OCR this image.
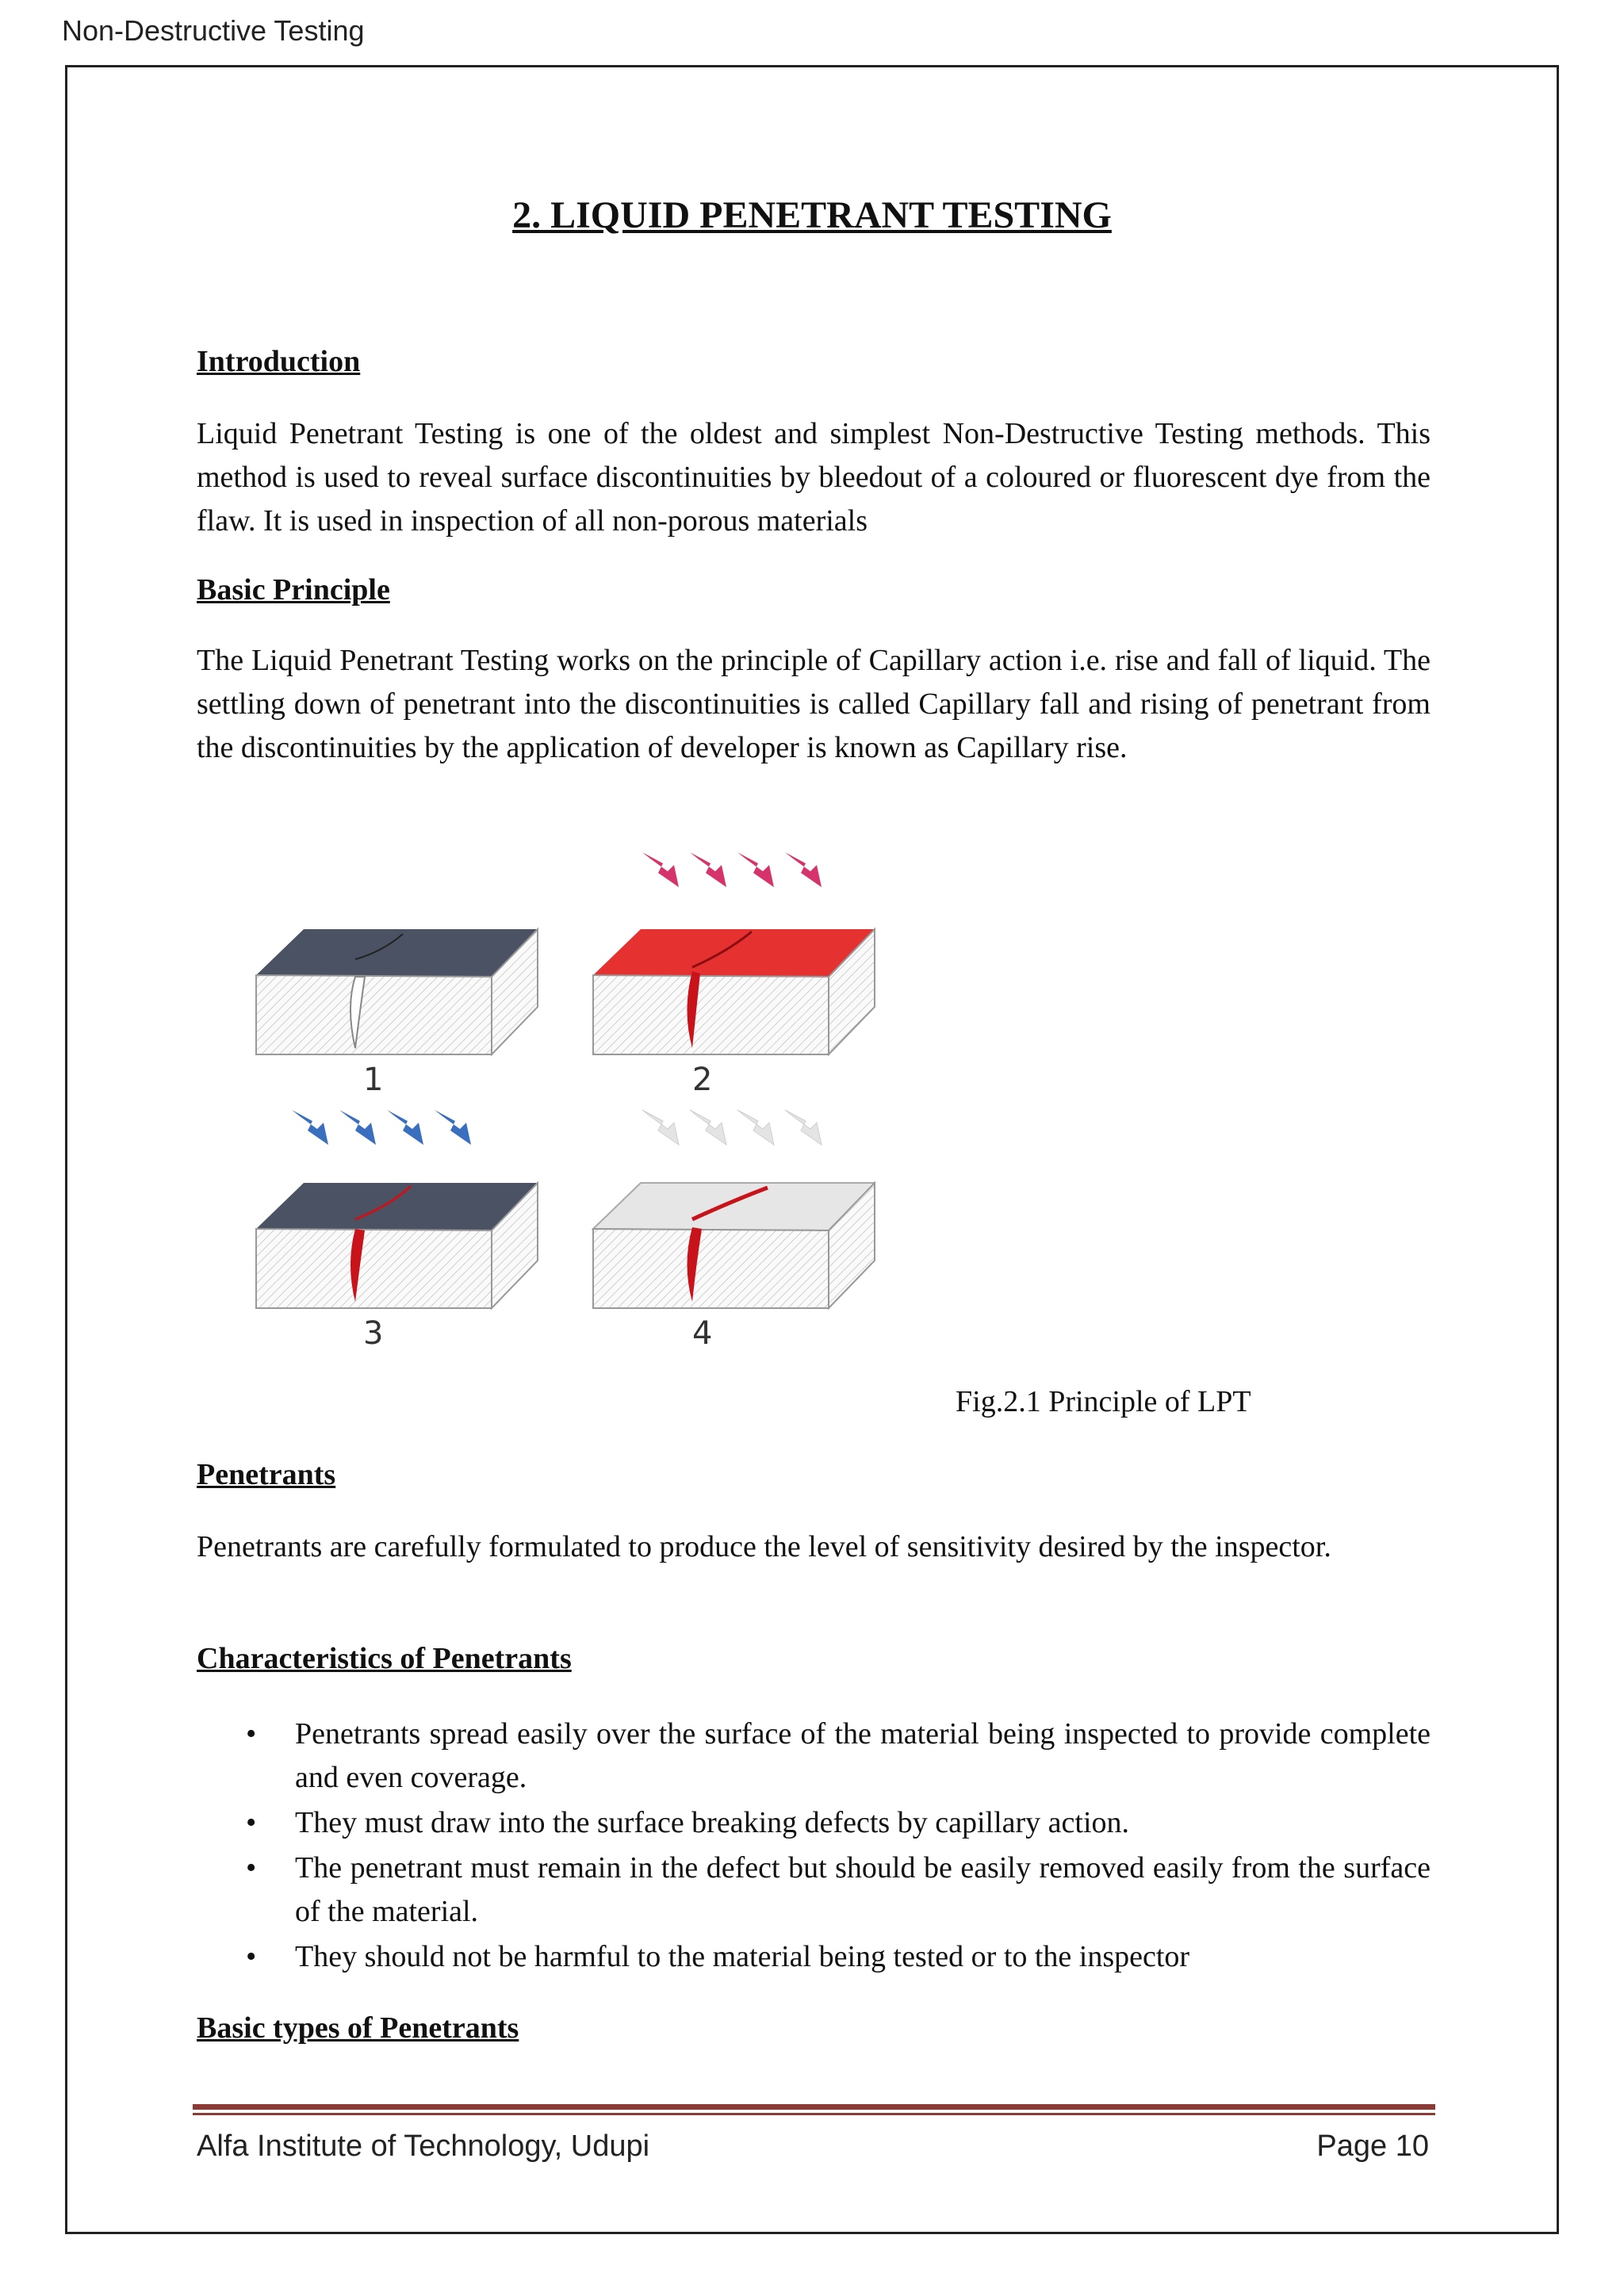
Non-Destructive Testing
2. LIQUID PENETRANT TESTING
Introduction

Liquid Penetrant Testing is one of the oldest and simplest Non-Destructive Testing methods. This method is used to reveal surface discontinuities by bleedout of a coloured or fluorescent dye from the flaw. It is used in inspection of all non-porous materials

Basic Principle

The Liquid Penetrant Testing works on the principle of Capillary action i.e. rise and fall of liquid. The settling down of penetrant into the discontinuities is called Capillary fall and rising of penetrant from the discontinuities by the application of developer is known as Capillary rise.

1	2
3	4
Fig.2.1 Principle of LPT
Penetrants

Penetrants are carefully formulated to produce the level of sensitivity desired by the inspector.

Characteristics of Penetrants
• Penetrants spread easily over the surface of the material being inspected to provide complete and even coverage.
• They must draw into the surface breaking defects by capillary action.
• The penetrant must remain in the defect but should be easily removed easily from the surface of the material.
• They should not be harmful to the material being tested or to the inspector
Basic types of Penetrants
Alfa Institute of Technology, Udupi	Page 10
